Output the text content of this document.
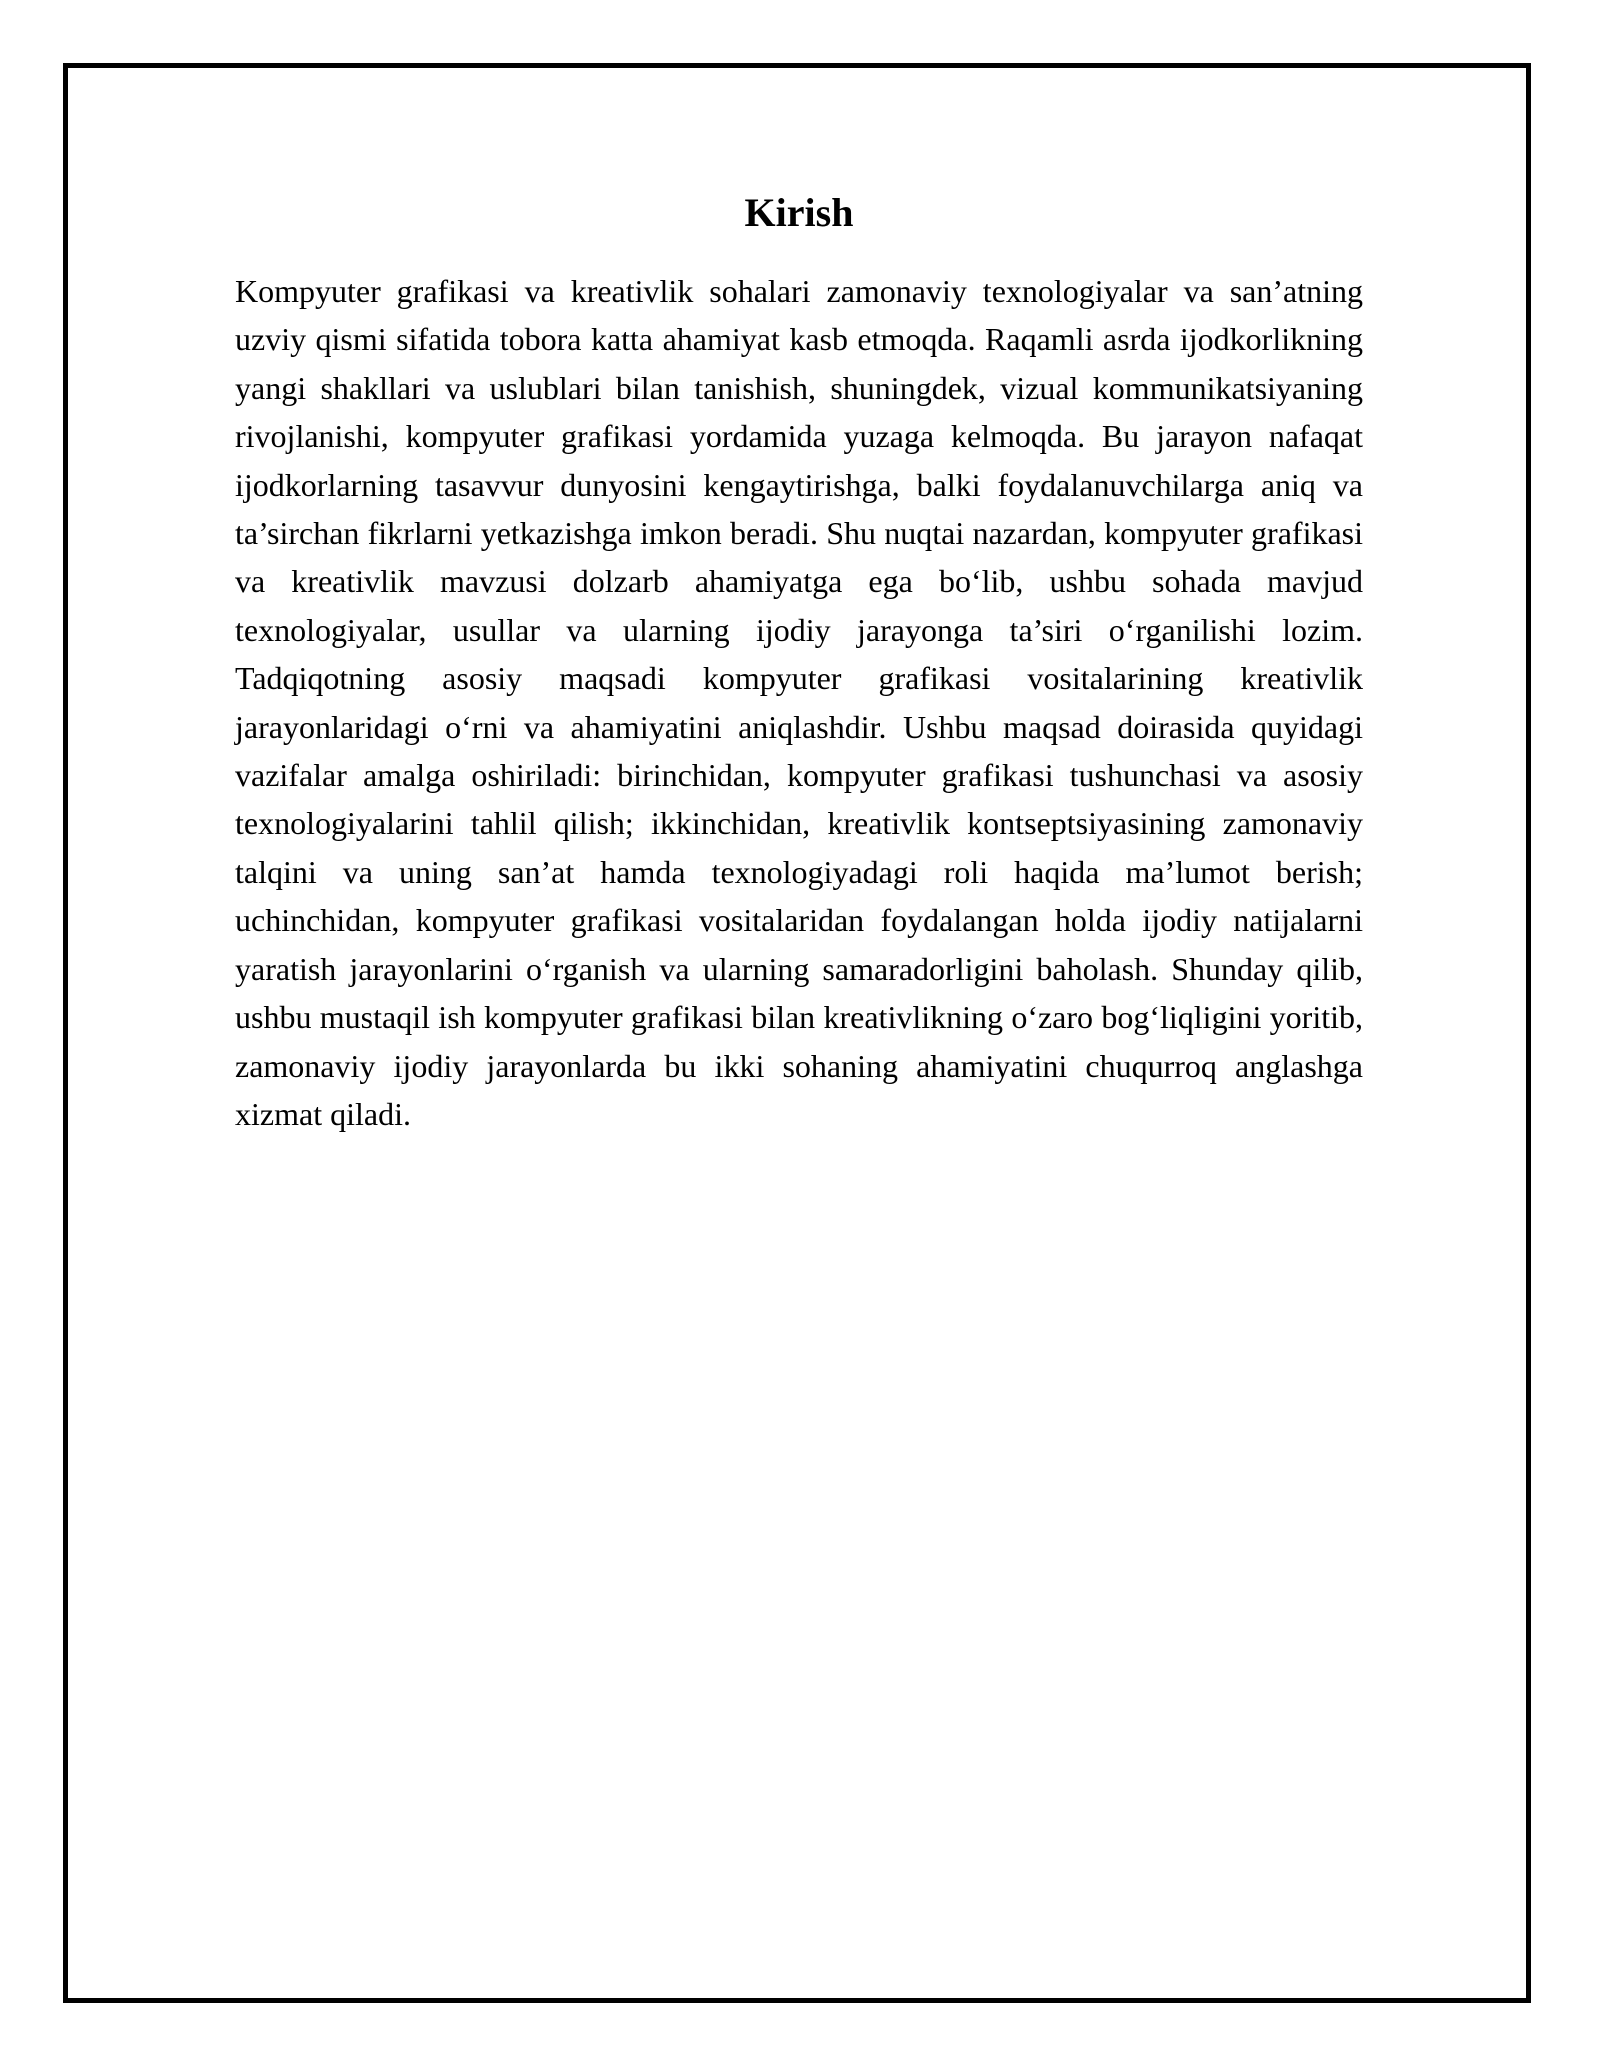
Kirish

Kompyuter grafikasi va kreativlik sohalari zamonaviy texnologiyalar va san’atning uzviy qismi sifatida tobora katta ahamiyat kasb etmoqda. Raqamli asrda ijodkorlikning yangi shakllari va uslublari bilan tanishish, shuningdek, vizual kommunikatsiyaning rivojlanishi, kompyuter grafikasi yordamida yuzaga kelmoqda. Bu jarayon nafaqat ijodkorlarning tasavvur dunyosini kengaytirishga, balki foydalanuvchilarga aniq va ta’sirchan fikrlarni yetkazishga imkon beradi. Shu nuqtai nazardan, kompyuter grafikasi va kreativlik mavzusi dolzarb ahamiyatga ega bo‘lib, ushbu sohada mavjud texnologiyalar, usullar va ularning ijodiy jarayonga ta’siri o‘rganilishi lozim. Tadqiqotning asosiy maqsadi kompyuter grafikasi vositalarining kreativlik jarayonlaridagi o‘rni va ahamiyatini aniqlashdir. Ushbu maqsad doirasida quyidagi vazifalar amalga oshiriladi: birinchidan, kompyuter grafikasi tushunchasi va asosiy texnologiyalarini tahlil qilish; ikkinchidan, kreativlik kontseptsiyasining zamonaviy talqini va uning san’at hamda texnologiyadagi roli haqida ma’lumot berish; uchinchidan, kompyuter grafikasi vositalaridan foydalangan holda ijodiy natijalarni yaratish jarayonlarini o‘rganish va ularning samaradorligini baholash. Shunday qilib, ushbu mustaqil ish kompyuter grafikasi bilan kreativlikning o‘zaro bog‘liqligini yoritib, zamonaviy ijodiy jarayonlarda bu ikki sohaning ahamiyatini chuqurroq anglashga xizmat qiladi.
